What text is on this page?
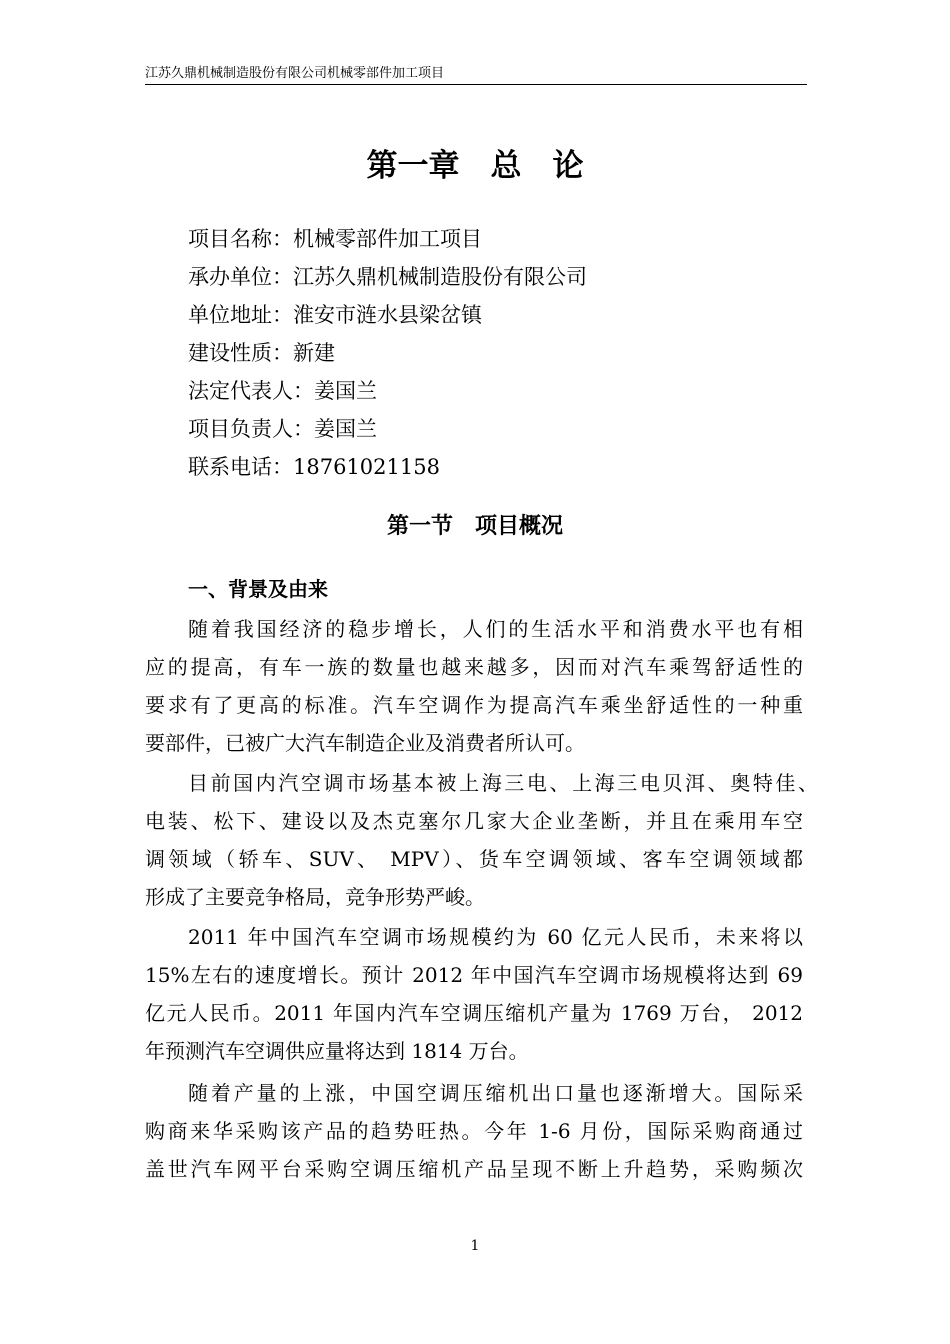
江苏久鼎机械制造股份有限公司机械零部件加工项目
第一章　总　论
项目名称：机械零部件加工项目
承办单位：江苏久鼎机械制造股份有限公司
单位地址：淮安市涟水县梁岔镇
建设性质：新建
法定代表人：姜国兰
项目负责人：姜国兰
联系电话：18761021158
第一节　项目概况
一、背景及由来
随着我国经济的稳步增长，人们的生活水平和消费水平也有相
应的提高，有车一族的数量也越来越多，因而对汽车乘驾舒适性的
要求有了更高的标准。汽车空调作为提高汽车乘坐舒适性的一种重
要部件，已被广大汽车制造企业及消费者所认可。
目前国内汽空调市场基本被上海三电、上海三电贝洱、奥特佳、
电装、松下、建设以及杰克塞尔几家大企业垄断，并且在乘用车空
调领域（轿车、SUV、 MPV）、货车空调领域、客车空调领域都
形成了主要竞争格局，竞争形势严峻。
2011 年中国汽车空调市场规模约为 60 亿元人民币，未来将以
15%左右的速度增长。预计 2012 年中国汽车空调市场规模将达到 69
亿元人民币。2011 年国内汽车空调压缩机产量为 1769 万台， 2012
年预测汽车空调供应量将达到 1814 万台。
随着产量的上涨，中国空调压缩机出口量也逐渐增大。国际采
购商来华采购该产品的趋势旺热。今年 1-6 月份，国际采购商通过
盖世汽车网平台采购空调压缩机产品呈现不断上升趋势，采购频次
1
